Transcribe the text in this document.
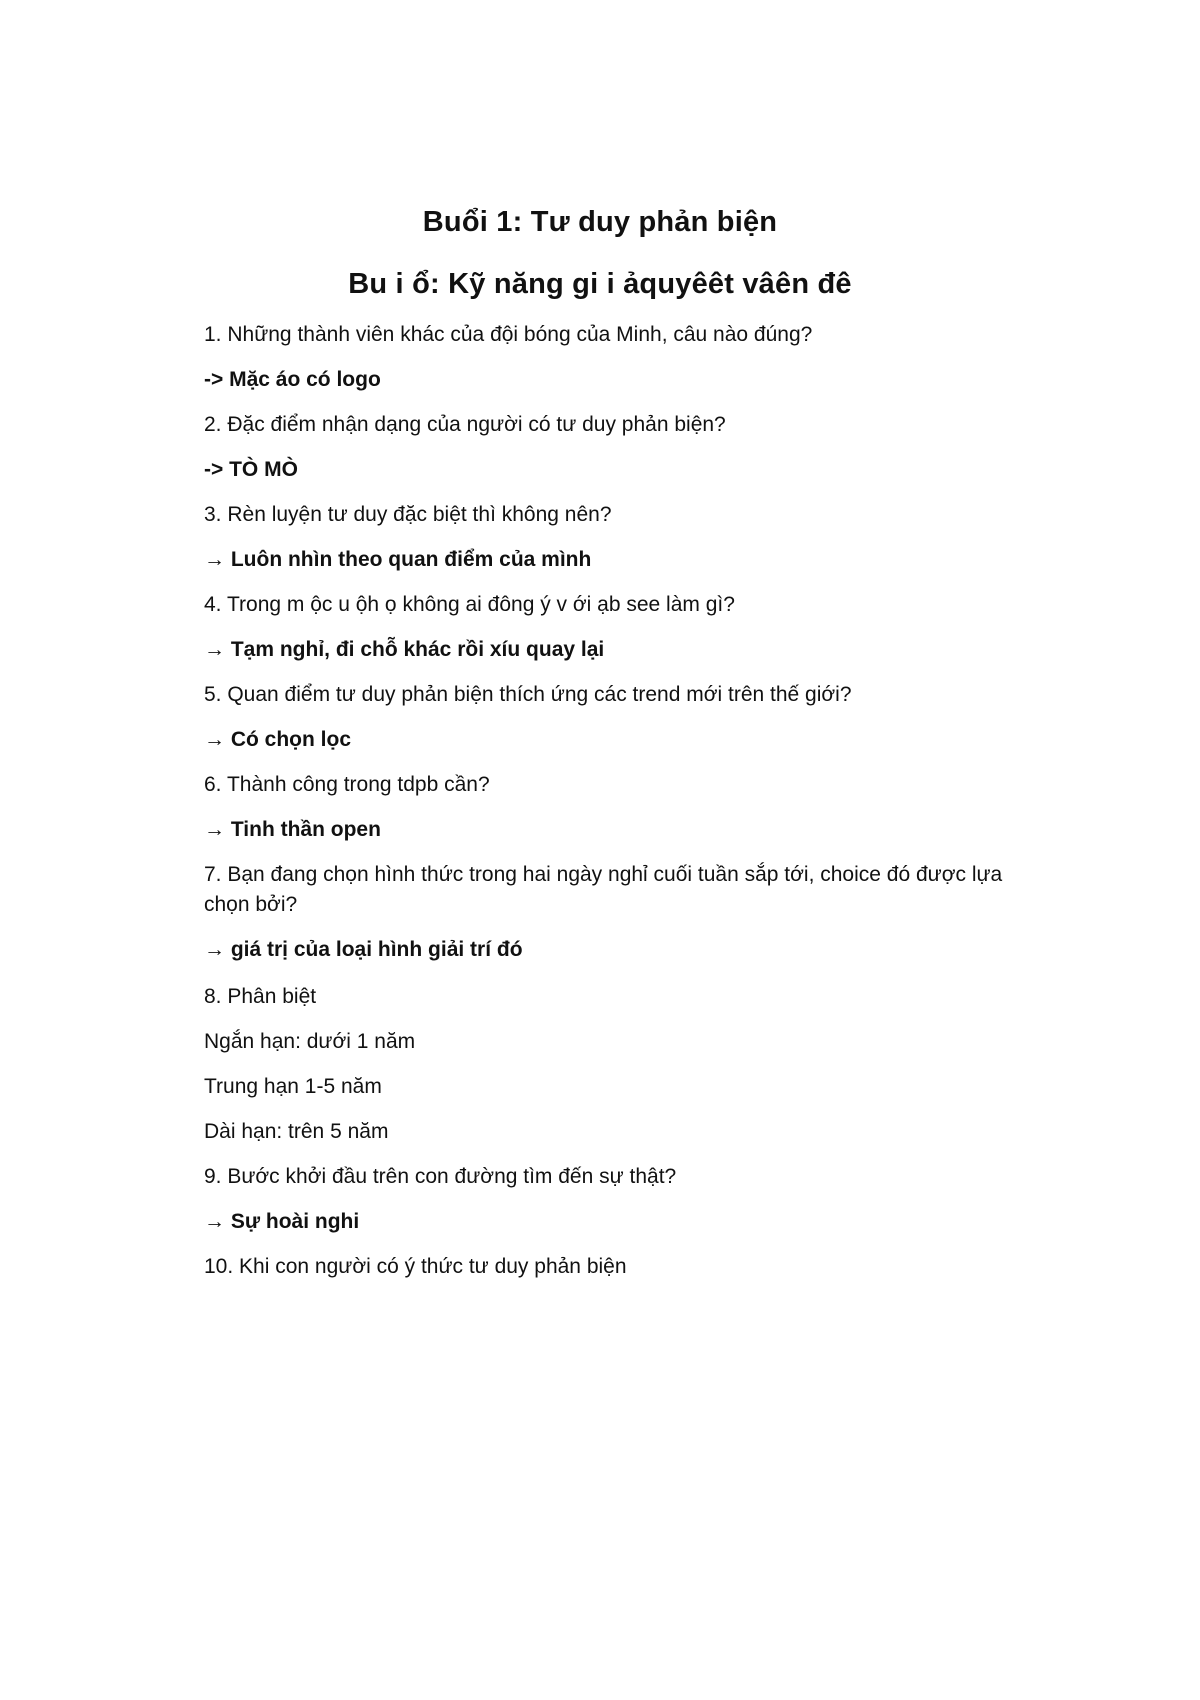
Buổi 1: Tư duy phản biện
Bu i ổ: Kỹ năng gi i ảquyêêt vâên đê
1. Những thành viên khác của đội bóng của Minh, câu nào đúng?
-> Mặc áo có logo
2. Đặc điểm nhận dạng của người có tư duy phản biện?
-> TÒ MÒ
3. Rèn luyện tư duy đặc biệt thì không nên?
→ Luôn nhìn theo quan điểm của mình
4. Trong m ộc u ộh ọ không ai đông ý v ới ạb see làm gì?
→ Tạm nghỉ, đi chỗ khác rồi xíu quay lại
5. Quan điểm tư duy phản biện thích ứng các trend mới trên thế giới?
→ Có chọn lọc
6. Thành công trong tdpb cần?
→ Tinh thần open
7. Bạn đang chọn hình thức trong hai ngày nghỉ cuối tuần sắp tới, choice đó được lựa chọn bởi?
→ giá trị của loại hình giải trí đó
8. Phân biệt
Ngắn hạn: dưới 1 năm
Trung hạn 1-5 năm
Dài hạn: trên 5 năm
9. Bước khởi đầu trên con đường tìm đến sự thật?
→ Sự hoài nghi
10. Khi con người có ý thức tư duy phản biện
